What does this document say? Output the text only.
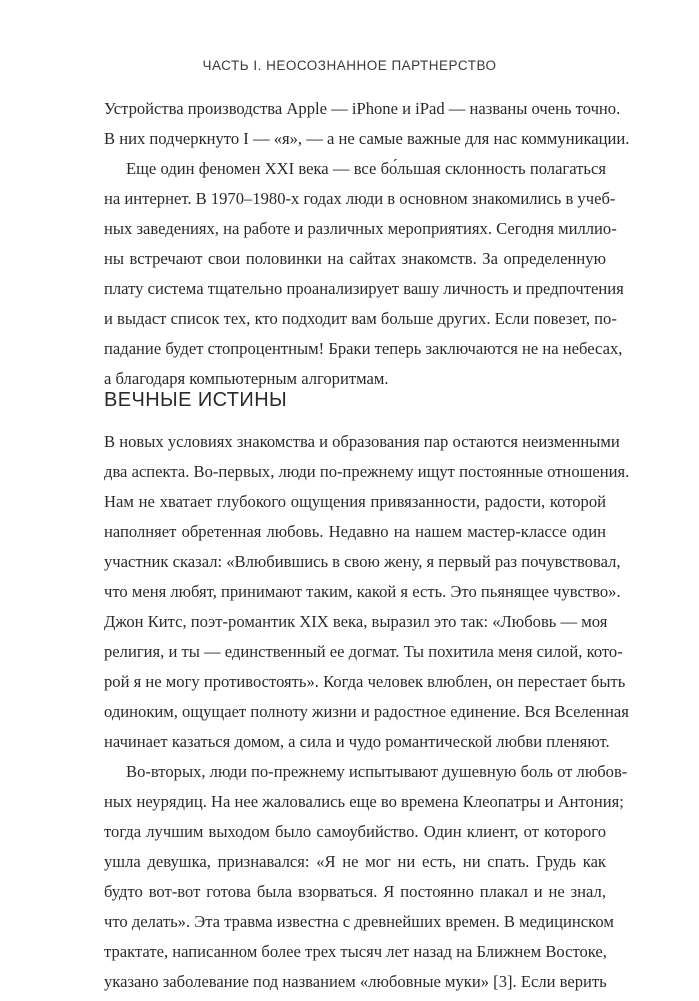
ЧАСТЬ I. НЕОСОЗНАННОЕ ПАРТНЕРСТВО
Устройства производства Apple — iPhone и iPad — названы очень точно.
В них подчеркнуто I — «я», — а не самые важные для нас коммуникации.
Еще один феномен XXI века — все бо́льшая склонность полагаться
на интернет. В 1970–1980-х годах люди в основном знакомились в учеб-
ных заведениях, на работе и различных мероприятиях. Сегодня миллио-
ны встречают свои половинки на сайтах знакомств. За определенную
плату система тщательно проанализирует вашу личность и предпочтения
и выдаст список тех, кто подходит вам больше других. Если повезет, по-
падание будет стопроцентным! Браки теперь заключаются не на небесах,
а благодаря компьютерным алгоритмам.
ВЕЧНЫЕ ИСТИНЫ
В новых условиях знакомства и образования пар остаются неизменными
два аспекта. Во-первых, люди по-прежнему ищут постоянные отношения.
Нам не хватает глубокого ощущения привязанности, радости, которой
наполняет обретенная любовь. Недавно на нашем мастер-классе один
участник сказал: «Влюбившись в свою жену, я первый раз почувствовал,
что меня любят, принимают таким, какой я есть. Это пьянящее чувство».
Джон Китс, поэт-романтик XIX века, выразил это так: «Любовь — моя
религия, и ты — единственный ее догмат. Ты похитила меня силой, кото-
рой я не могу противостоять». Когда человек влюблен, он перестает быть
одиноким, ощущает полноту жизни и радостное единение. Вся Вселенная
начинает казаться домом, а сила и чудо романтической любви пленяют.
Во-вторых, люди по-прежнему испытывают душевную боль от любов-
ных неурядиц. На нее жаловались еще во времена Клеопатры и Антония;
тогда лучшим выходом было самоубийство. Один клиент, от которого
ушла девушка, признавался: «Я не мог ни есть, ни спать. Грудь как
будто вот-вот готова была взорваться. Я постоянно плакал и не знал,
что делать». Эта травма известна с древнейших времен. В медицинском
трактате, написанном более трех тысяч лет назад на Ближнем Востоке,
указано заболевание под названием «любовные муки» [3]. Если верить
